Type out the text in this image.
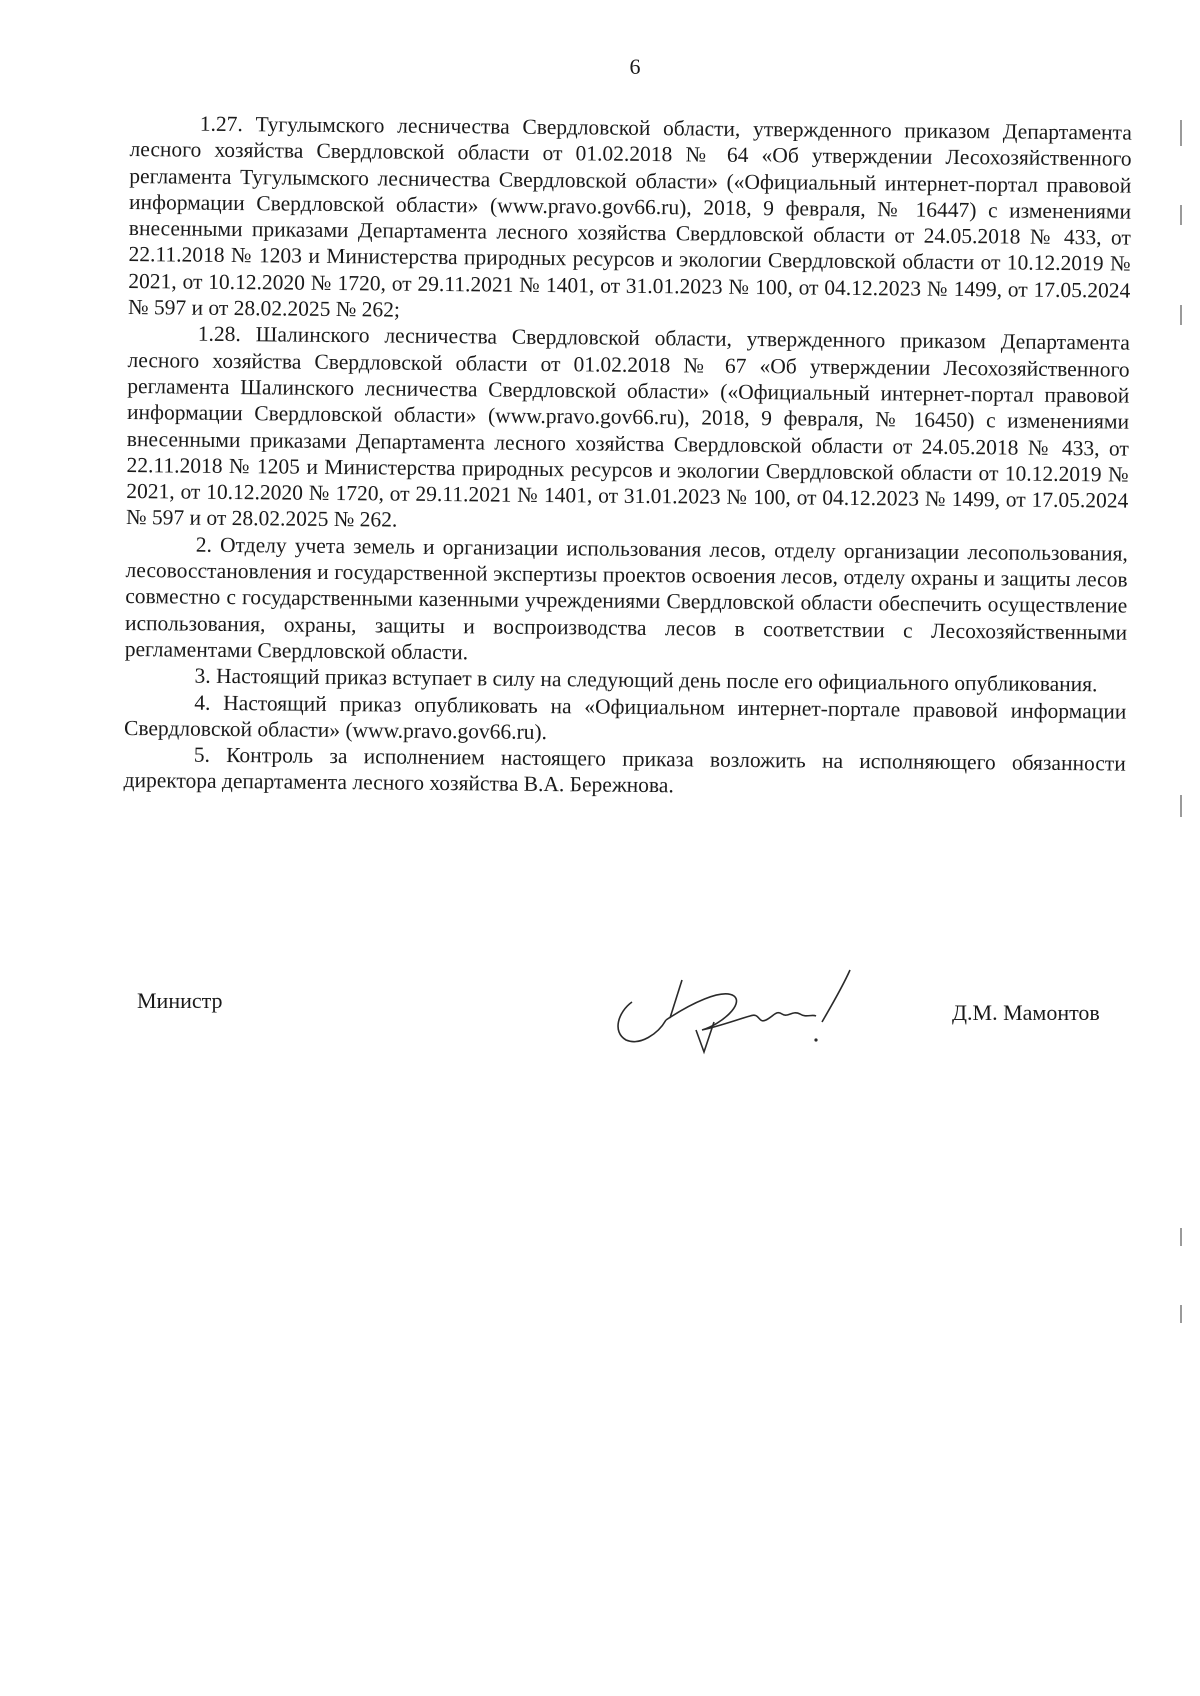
6

1.27. Тугулымского лесничества Свердловской области, утвержденного приказом Департамента лесного хозяйства Свердловской области от 01.02.2018 № 64 «Об утверждении Лесохозяйственного регламента Тугулымского лесничества Свердловской области» («Официальный интернет-портал правовой информации Свердловской области» (www.pravo.gov66.ru), 2018, 9 февраля, № 16447) с изменениями внесенными приказами Департамента лесного хозяйства Свердловской области от 24.05.2018 № 433, от 22.11.2018 № 1203 и Министерства природных ресурсов и экологии Свердловской области от 10.12.2019 № 2021, от 10.12.2020 № 1720, от 29.11.2021 № 1401, от 31.01.2023 № 100, от 04.12.2023 № 1499, от 17.05.2024 № 597 и от 28.02.2025 № 262;

1.28. Шалинского лесничества Свердловской области, утвержденного приказом Департамента лесного хозяйства Свердловской области от 01.02.2018 № 67 «Об утверждении Лесохозяйственного регламента Шалинского лесничества Свердловской области» («Официальный интернет-портал правовой информации Свердловской области» (www.pravo.gov66.ru), 2018, 9 февраля, № 16450) с изменениями внесенными приказами Департамента лесного хозяйства Свердловской области от 24.05.2018 № 433, от 22.11.2018 № 1205 и Министерства природных ресурсов и экологии Свердловской области от 10.12.2019 № 2021, от 10.12.2020 № 1720, от 29.11.2021 № 1401, от 31.01.2023 № 100, от 04.12.2023 № 1499, от 17.05.2024 № 597 и от 28.02.2025 № 262.

2. Отделу учета земель и организации использования лесов, отделу организации лесопользования, лесовосстановления и государственной экспертизы проектов освоения лесов, отделу охраны и защиты лесов совместно с государственными казенными учреждениями Свердловской области обеспечить осуществление использования, охраны, защиты и воспроизводства лесов в соответствии с Лесохозяйственными регламентами Свердловской области.

3. Настоящий приказ вступает в силу на следующий день после его официального опубликования.

4. Настоящий приказ опубликовать на «Официальном интернет-портале правовой информации Свердловской области» (www.pravo.gov66.ru).

5. Контроль за исполнением настоящего приказа возложить на исполняющего обязанности директора департамента лесного хозяйства В.А. Бережнова.

Министр	Д.М. Мамонтов
